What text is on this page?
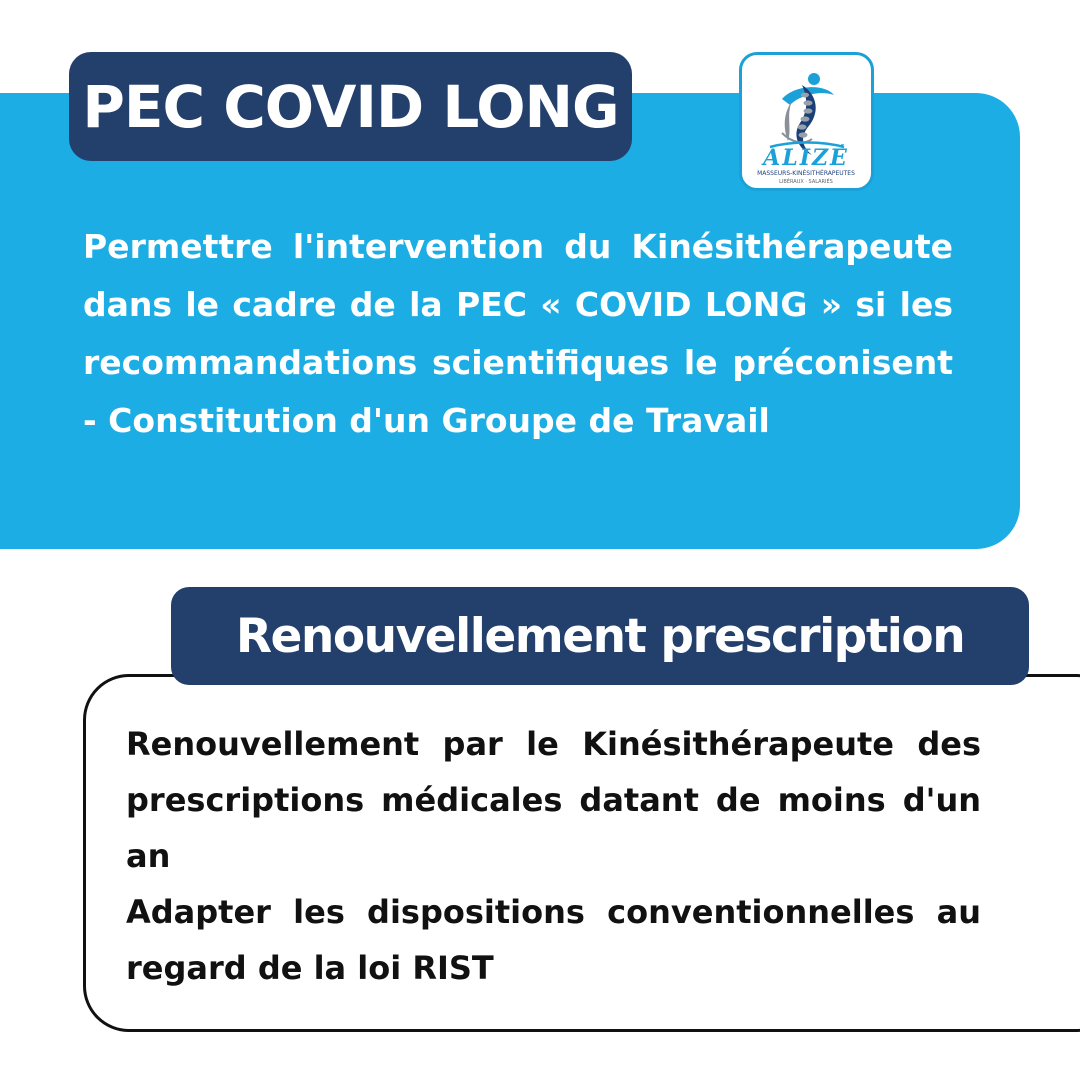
PEC COVID LONG
ALIZÉ
MASSEURS-KINÉSITHÉRAPEUTES
LIBÉRAUX · SALARIÉS
Permettre l'intervention du Kinésithérapeute dans le cadre de la PEC « COVID LONG » si les recommandations scientifiques le préconisent - Constitution d'un Groupe de Travail
Renouvellement prescription

Renouvellement par le Kinésithérapeute des prescriptions médicales datant de moins d'un an

Adapter les dispositions conventionnelles au regard de la loi RIST
